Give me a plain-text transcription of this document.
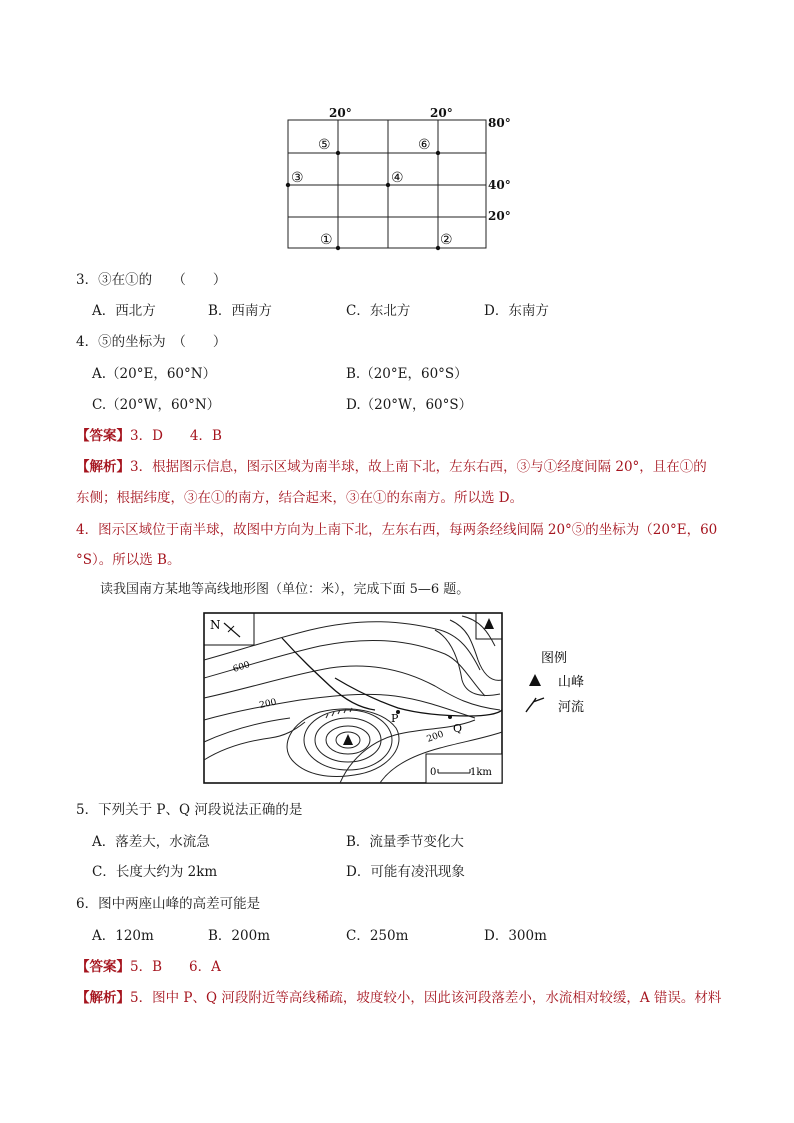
20°	20°
80°
40°
20°
⑤	⑥
③	④
①	②
3．③在①的　　（　　）
A．西北方	B．西南方	C．东北方	D．东南方
4．⑤的坐标为　（　　）
A.（20°E，60°N）	B.（20°E，60°S）
C.（20°W，60°N）	D.（20°W，60°S）
【答案】3．D　　4．B
【解析】3．根据图示信息，图示区域为南半球，故上南下北，左东右西，③与①经度间隔 20°，且在①的
东侧；根据纬度，③在①的南方，结合起来，③在①的东南方。所以选 D。
4．图示区域位于南半球，故图中方向为上南下北，左东右西，每两条经线间隔 20°⑤的坐标为（20°E，60
°S）。所以选 B。
读我国南方某地等高线地形图（单位：米），完成下面 5—6 题。
N
P
Q
600
200
200
0	1km
图例
山峰
河流
5．下列关于 P、Q 河段说法正确的是
A．落差大，水流急	B．流量季节变化大
C．长度大约为 2km	D．可能有凌汛现象
6．图中两座山峰的高差可能是
A．120m	B．200m	C．250m	D．300m
【答案】5．B　　6．A
【解析】5．图中 P、Q 河段附近等高线稀疏，坡度较小，因此该河段落差小，水流相对较缓，A 错误。材料
